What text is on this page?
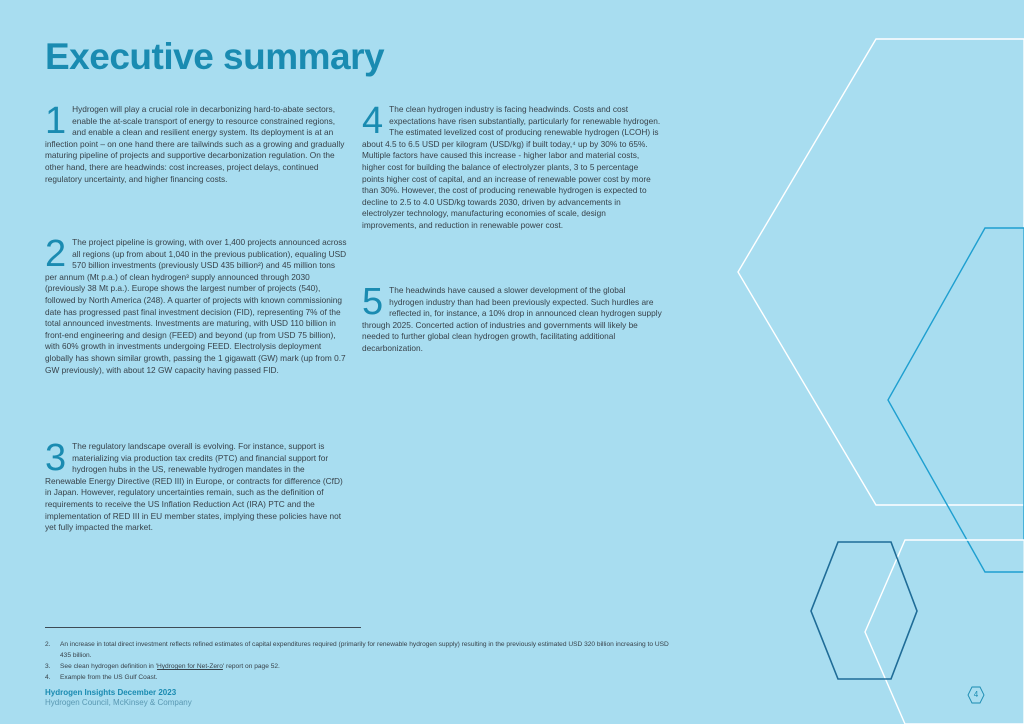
Executive summary
1 Hydrogen will play a crucial role in decarbonizing hard-to-abate sectors, enable the at-scale transport of energy to resource constrained regions, and enable a clean and resilient energy system. Its deployment is at an inflection point – on one hand there are tailwinds such as a growing and gradually maturing pipeline of projects and supportive decarbonization regulation. On the other hand, there are headwinds: cost increases, project delays, continued regulatory uncertainty, and higher financing costs.

2 The project pipeline is growing, with over 1,400 projects announced across all regions (up from about 1,040 in the previous publication), equaling USD 570 billion investments (previously USD 435 billion²) and 45 million tons per annum (Mt p.a.) of clean hydrogen³ supply announced through 2030 (previously 38 Mt p.a.). Europe shows the largest number of projects (540), followed by North America (248). A quarter of projects with known commissioning date has progressed past final investment decision (FID), representing 7% of the total announced investments. Investments are maturing, with USD 110 billion in front-end engineering and design (FEED) and beyond (up from USD 75 billion), with 60% growth in investments undergoing FEED. Electrolysis deployment globally has shown similar growth, passing the 1 gigawatt (GW) mark (up from 0.7 GW previously), with about 12 GW capacity having passed FID.

3 The regulatory landscape overall is evolving. For instance, support is materializing via production tax credits (PTC) and financial support for hydrogen hubs in the US, renewable hydrogen mandates in the Renewable Energy Directive (RED III) in Europe, or contracts for difference (CfD) in Japan. However, regulatory uncertainties remain, such as the definition of requirements to receive the US Inflation Reduction Act (IRA) PTC and the implementation of RED III in EU member states, implying these policies have not yet fully impacted the market.

4 The clean hydrogen industry is facing headwinds. Costs and cost expectations have risen substantially, particularly for renewable hydrogen. The estimated levelized cost of producing renewable hydrogen (LCOH) is about 4.5 to 6.5 USD per kilogram (USD/kg) if built today,⁴ up by 30% to 65%. Multiple factors have caused this increase - higher labor and material costs, higher cost for building the balance of electrolyzer plants, 3 to 5 percentage points higher cost of capital, and an increase of renewable power cost by more than 30%. However, the cost of producing renewable hydrogen is expected to decline to 2.5 to 4.0 USD/kg towards 2030, driven by advancements in electrolyzer technology, manufacturing economies of scale, design improvements, and reduction in renewable power cost.

5 The headwinds have caused a slower development of the global hydrogen industry than had been previously expected. Such hurdles are reflected in, for instance, a 10% drop in announced clean hydrogen supply through 2025. Concerted action of industries and governments will likely be needed to further global clean hydrogen growth, facilitating additional decarbonization.

2. An increase in total direct investment reflects refined estimates of capital expenditures required (primarily for renewable hydrogen supply) resulting in the previously estimated USD 320 billion increasing to USD 435 billion.
3. See clean hydrogen definition in 'Hydrogen for Net-Zero' report on page 52.
4. Example from the US Gulf Coast.
Hydrogen Insights December 2023
Hydrogen Council, McKinsey & Company
4
